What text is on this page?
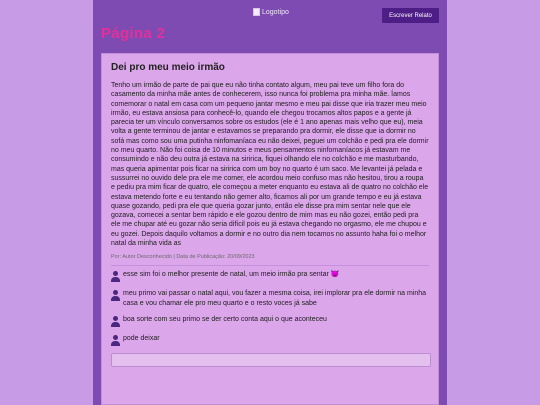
Logotipo	Escrever Relato
Página 2
Dei pro meu meio irmão
Tenho um irmão de parte de pai que eu não tinha contato algum, meu pai teve um filho fora do casamento da minha mãe antes de conhecerem, isso nunca foi problema pra minha mãe. Íamos comemorar o natal em casa com um pequeno jantar mesmo e meu pai disse que iria trazer meu meio irmão, eu estava ansiosa para conhecê-lo, quando ele chegou trocamos altos papos e a gente já parecia ter um vínculo conversamos sobre os estudos (ele é 1 ano apenas mais velho que eu), meia volta a gente terminou de jantar e estavamos se preparando pra dormir, ele disse que ia dormir no sofá mas como sou uma putinha ninfomaníaca eu não deixei, peguei um colchão e pedi pra ele dormir no meu quarto. Não foi coisa de 10 minutos e meus pensamentos ninfomaníacos já estavam me consumindo e não deu outra já estava na siririca, fiquei olhando ele no colchão e me masturbando, mas queria apimentar pois ficar na siririca com um boy no quarto é um saco. Me levantei já pelada e sussurrei no ouvido dele pra ele me comer, ele acordou meio confuso mas não hesitou, tirou a roupa e pediu pra mim ficar de quatro, ele começou a meter enquanto eu estava ali de quatro no colchão ele estava metendo forte e eu tentando não gemer alto, ficamos ali por um grande tempo e eu já estava quase gozando, pedi pra ele que queria gozar junto, então ele disse pra mim sentar nele que ele gozava, comecei a sentar bem rápido e ele gozou dentro de mim mas eu não gozei, então pedi pra ele me chupar até eu gozar não seria difícil pois eu já estava chegando no orgasmo, ele me chupou e eu gozei. Depois daquilo voltamos a dormir e no outro dia nem tocamos no assunto haha foi o melhor natal da minha vida as
Por: Autor Desconhecido | Data de Publicação: 20/09/2023
esse sim foi o melhor presente de natal, um meio irmão pra sentar 😈
meu primo vai passar o natal aqui, vou fazer a mesma coisa, irei implorar pra ele dormir na minha casa e vou chamar ele pro meu quarto e o resto voces já sabe
boa sorte com seu primo se der certo conta aqui o que aconteceu
pode deixar
